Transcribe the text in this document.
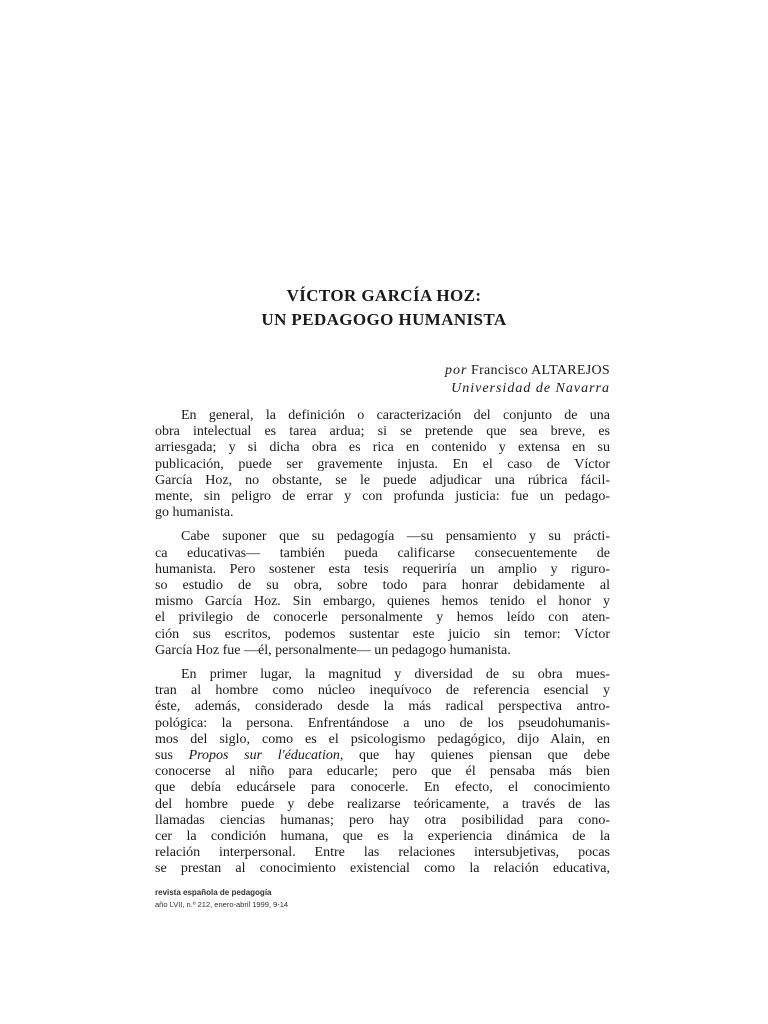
VÍCTOR GARCÍA HOZ:
UN PEDAGOGO HUMANISTA
por Francisco ALTAREJOS
Universidad de Navarra
En general, la definición o caracterización del conjunto de una
obra intelectual es tarea ardua; si se pretende que sea breve, es
arriesgada; y si dicha obra es rica en contenido y extensa en su
publicación, puede ser gravemente injusta. En el caso de Víctor
García Hoz, no obstante, se le puede adjudicar una rúbrica fácil-
mente, sin peligro de errar y con profunda justicia: fue un pedago-
go humanista.
Cabe suponer que su pedagogía —su pensamiento y su prácti-
ca educativas— también pueda calificarse consecuentemente de
humanista. Pero sostener esta tesis requeriría un amplio y riguro-
so estudio de su obra, sobre todo para honrar debidamente al
mismo García Hoz. Sin embargo, quienes hemos tenido el honor y
el privilegio de conocerle personalmente y hemos leído con aten-
ción sus escritos, podemos sustentar este juicio sin temor: Víctor
García Hoz fue —él, personalmente— un pedagogo humanista.
En primer lugar, la magnitud y diversidad de su obra mues-
tran al hombre como núcleo inequívoco de referencia esencial y
éste, además, considerado desde la más radical perspectiva antro-
pológica: la persona. Enfrentándose a uno de los pseudohumanis-
mos del siglo, como es el psicologismo pedagógico, dijo Alain, en
sus Propos sur l'éducation, que hay quienes piensan que debe
conocerse al niño para educarle; pero que él pensaba más bien
que debía educársele para conocerle. En efecto, el conocimiento
del hombre puede y debe realizarse teóricamente, a través de las
llamadas ciencias humanas; pero hay otra posibilidad para cono-
cer la condición humana, que es la experiencia dinámica de la
relación interpersonal. Entre las relaciones intersubjetivas, pocas
se prestan al conocimiento existencial como la relación educativa,
revista española de pedagogía
año LVII, n.º 212, enero-abril 1999, 9-14
